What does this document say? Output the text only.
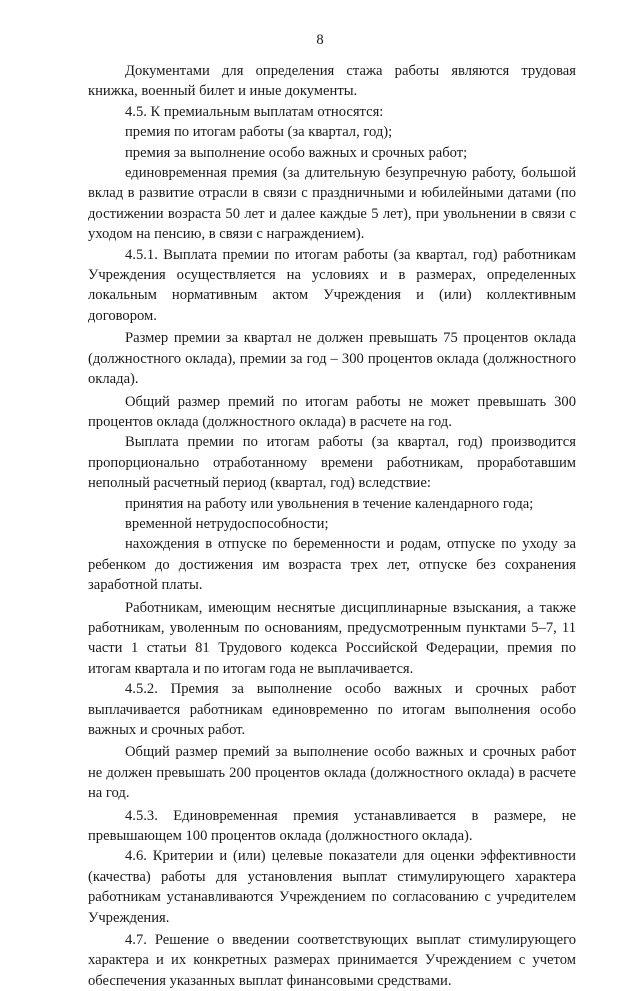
8

Документами для определения стажа работы являются трудовая книжка, военный билет и иные документы.

4.5. К премиальным выплатам относятся:

премия по итогам работы (за квартал, год);

премия за выполнение особо важных и срочных работ;

единовременная премия (за длительную безупречную работу, большой вклад в развитие отрасли в связи с праздничными и юбилейными датами (по достижении возраста 50 лет и далее каждые 5 лет), при увольнении в связи с уходом на пенсию, в связи с награждением).

4.5.1. Выплата премии по итогам работы (за квартал, год) работникам Учреждения осуществляется на условиях и в размерах, определенных локальным нормативным актом Учреждения и (или) коллективным договором.

Размер премии за квартал не должен превышать 75 процентов оклада (должностного оклада), премии за год – 300 процентов оклада (должностного оклада).

Общий размер премий по итогам работы не может превышать 300 процентов оклада (должностного оклада) в расчете на год.

Выплата премии по итогам работы (за квартал, год) производится пропорционально отработанному времени работникам, проработавшим неполный расчетный период (квартал, год) вследствие:

принятия на работу или увольнения в течение календарного года;

временной нетрудоспособности;

нахождения в отпуске по беременности и родам, отпуске по уходу за ребенком до достижения им возраста трех лет, отпуске без сохранения заработной платы.

Работникам, имеющим неснятые дисциплинарные взыскания, а также работникам, уволенным по основаниям, предусмотренным пунктами 5–7, 11 части 1 статьи 81 Трудового кодекса Российской Федерации, премия по итогам квартала и по итогам года не выплачивается.

4.5.2. Премия за выполнение особо важных и срочных работ выплачивается работникам единовременно по итогам выполнения особо важных и срочных работ.

Общий размер премий за выполнение особо важных и срочных работ не должен превышать 200 процентов оклада (должностного оклада) в расчете на год.

4.5.3. Единовременная премия устанавливается в размере, не превышающем 100 процентов оклада (должностного оклада).

4.6. Критерии и (или) целевые показатели для оценки эффективности (качества) работы для установления выплат стимулирующего характера работникам устанавливаются Учреждением по согласованию с учредителем Учреждения.

4.7. Решение о введении соответствующих выплат стимулирующего характера и их конкретных размерах принимается Учреждением с учетом обеспечения указанных выплат финансовыми средствами.
